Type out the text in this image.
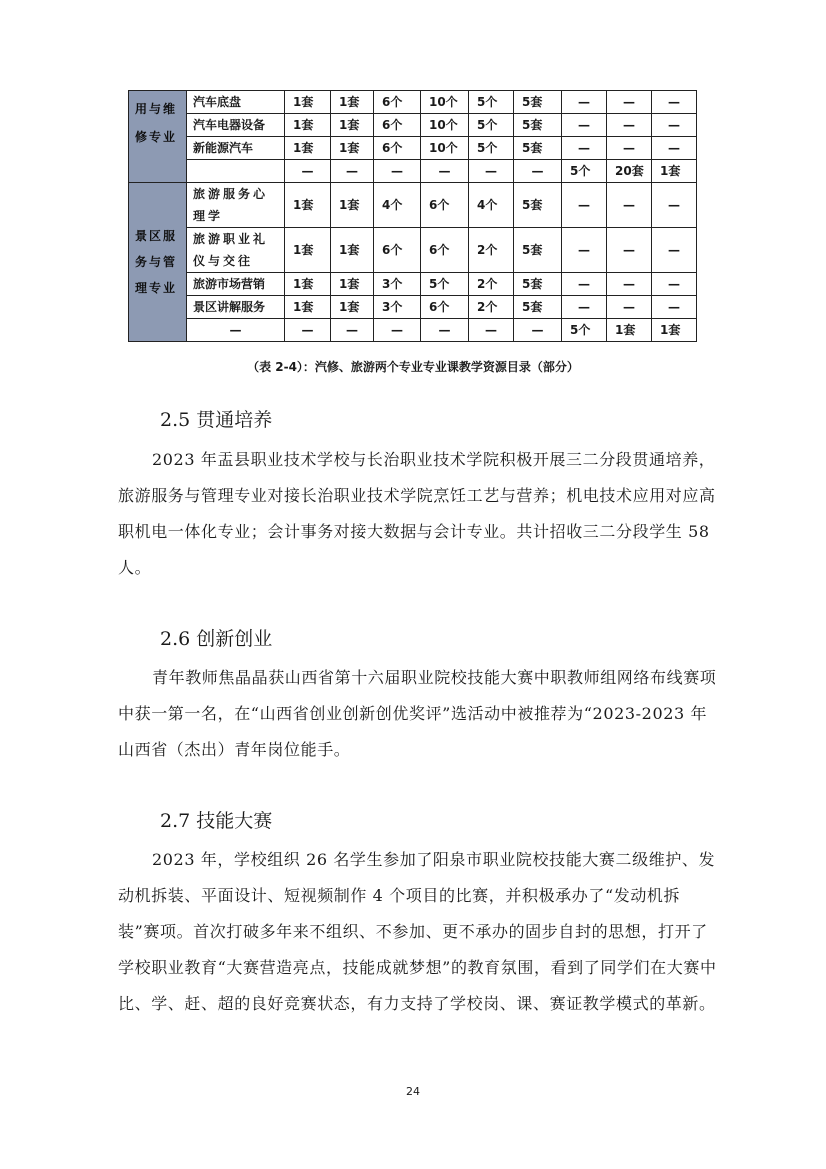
用与维修专业	汽车底盘	1套	1套	6个	10个	5个	5套	—	—	—
	汽车电器设备	1套	1套	6个	10个	5个	5套	—	—	—
	新能源汽车	1套	1套	6个	10个	5个	5套	—	—	—
		—	—	—	—	—	—	5个	20套	1套

景区服务与管理专业	旅游服务心理学	1套	1套	4个	6个	4个	5套	—	—	—
	旅游职业礼仪与交往	1套	1套	6个	6个	2个	5套	—	—	—
	旅游市场营销	1套	1套	3个	5个	2个	5套	—	—	—
	景区讲解服务	1套	1套	3个	6个	2个	5套	—	—	—
	—	—	—	—	—	—	—	5个	1套	1套
（表 2-4）：汽修、旅游两个专业专业课教学资源目录（部分）
2.5 贯通培养

2023 年盂县职业技术学校与长治职业技术学院积极开展三二分段贯通培养，旅游服务与管理专业对接长治职业技术学院烹饪工艺与营养；机电技术应用对应高职机电一体化专业；会计事务对接大数据与会计专业。共计招收三二分段学生 58 人。

2.6 创新创业

青年教师焦晶晶获山西省第十六届职业院校技能大赛中职教师组网络布线赛项中获一第一名，在“山西省创业创新创优奖评”选活动中被推荐为“2023-2023 年山西省（杰出）青年岗位能手。

2.7 技能大赛

2023 年，学校组织 26 名学生参加了阳泉市职业院校技能大赛二级维护、发动机拆装、平面设计、短视频制作 4 个项目的比赛，并积极承办了“发动机拆装”赛项。首次打破多年来不组织、不参加、更不承办的固步自封的思想，打开了学校职业教育“大赛营造亮点，技能成就梦想”的教育氛围，看到了同学们在大赛中比、学、赶、超的良好竞赛状态，有力支持了学校岗、课、赛证教学模式的革新。

24
